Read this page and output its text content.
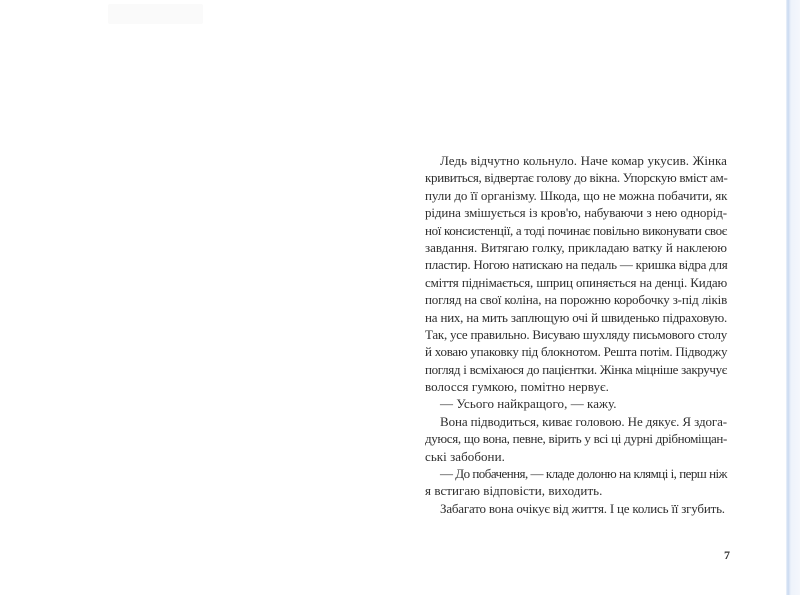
Ледь відчутно кольнуло. Наче комар укусив. Жінка
кривиться, відвертає голову до вікна. Упорскую вміст ам-
пули до її організму. Шкода, що не можна побачити, як
рідина змішується із кров'ю, набуваючи з нею одноpід-
ної консистенції, а тоді починає повільно виконувати своє
завдання. Витягаю голку, прикладаю ватку й наклеюю
пластир. Ногою натискаю на педаль — кришка відра для
сміття піднімається, шприц опиняється на денці. Кидаю
погляд на свої коліна, на порожню коробочку з-під ліків
на них, на мить заплющую очі й швиденько підраховую.
Так, усе правильно. Висуваю шухляду письмового столу
й ховаю упаковку під блокнотом. Решта потім. Підводжу
погляд і всміхаюся до пацієнтки. Жінка міцніше закручує
волосся гумкою, помітно нервує.
— Усього найкращого, — кажу.
Вона підводиться, киває головою. Не дякує. Я здога-
дуюся, що вона, певне, вірить у всі ці дурні дрібноміщан-
ські забобони.
— До побачення, — кладе долоню на клямці і, перш ніж
я встигаю відповісти, виходить.
Забагато вона очікує від життя. І це колись її згубить.
7
